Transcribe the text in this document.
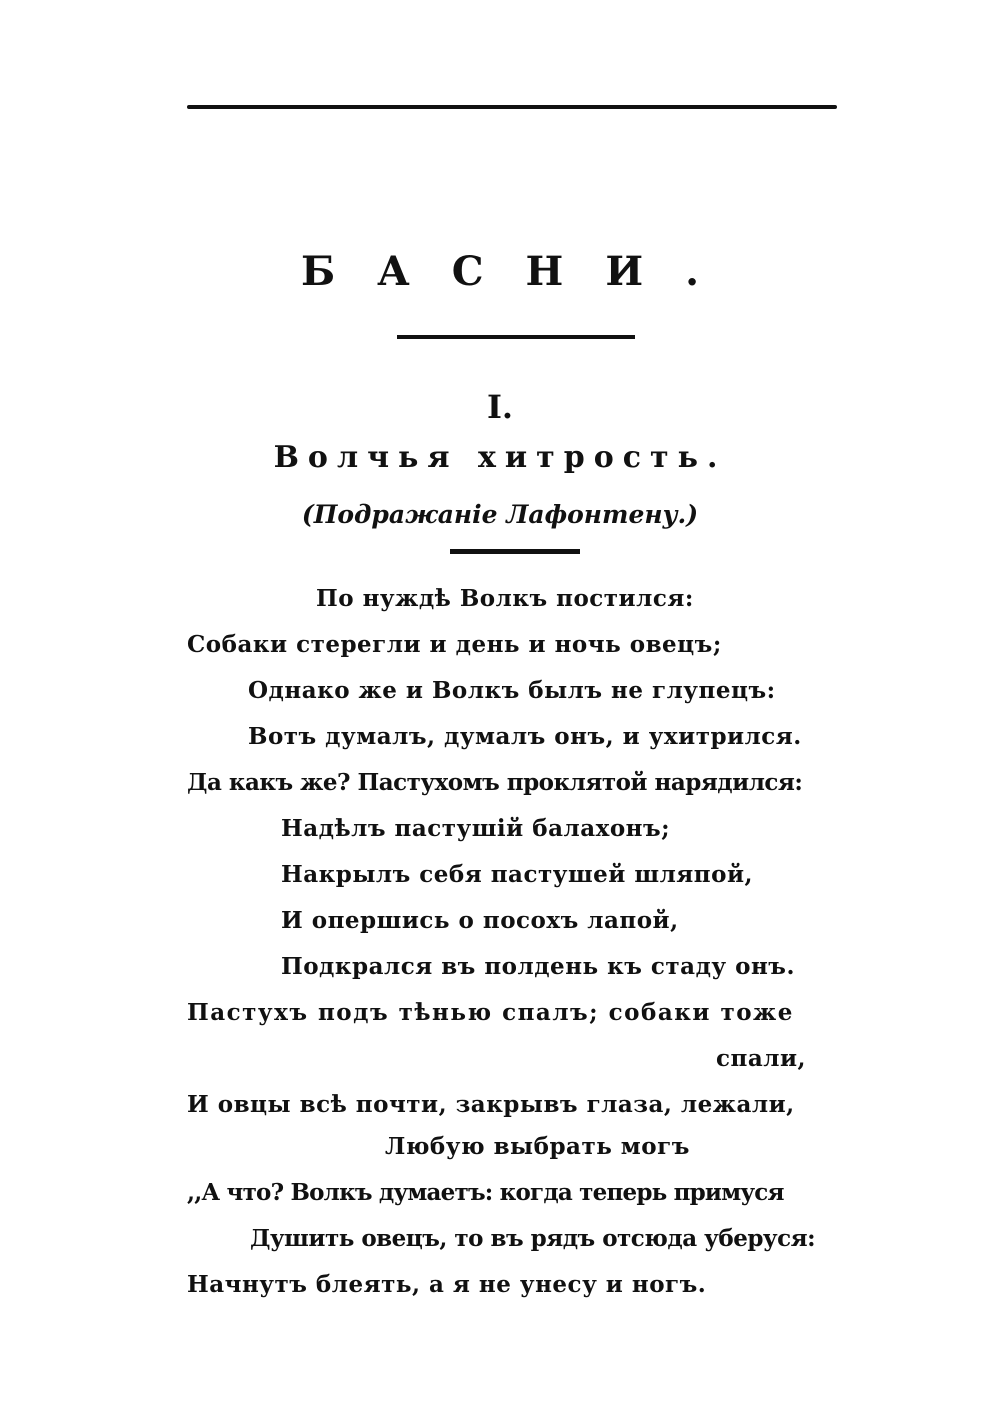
БАСНИ.
I.
Волчья хитрость.
(Подражаніе Лафонтену.)
По нуждѣ Волкъ постился:
Собаки стерегли и день и ночь овецъ;
Однако же и Волкъ былъ не глупецъ:
Вотъ думалъ, думалъ онъ, и ухитрился.
Да какъ же? Пастухомъ проклятой нарядился:
Надѣлъ пастушій балахонъ;
Накрылъ себя пастушей шляпой,
И опершись о посохъ лапой,
Подкрался въ полдень къ стаду онъ.
Пастухъ подъ тѣнью спалъ; собаки тоже
спали,
И овцы всѣ почти, закрывъ глаза, лежали,
Любую выбрать могъ
,,А что? Волкъ думаетъ: когда теперь примуся
Душить овецъ, то въ рядъ отсюда уберуся:
Начнутъ блеять, а я не унесу и ногъ.
